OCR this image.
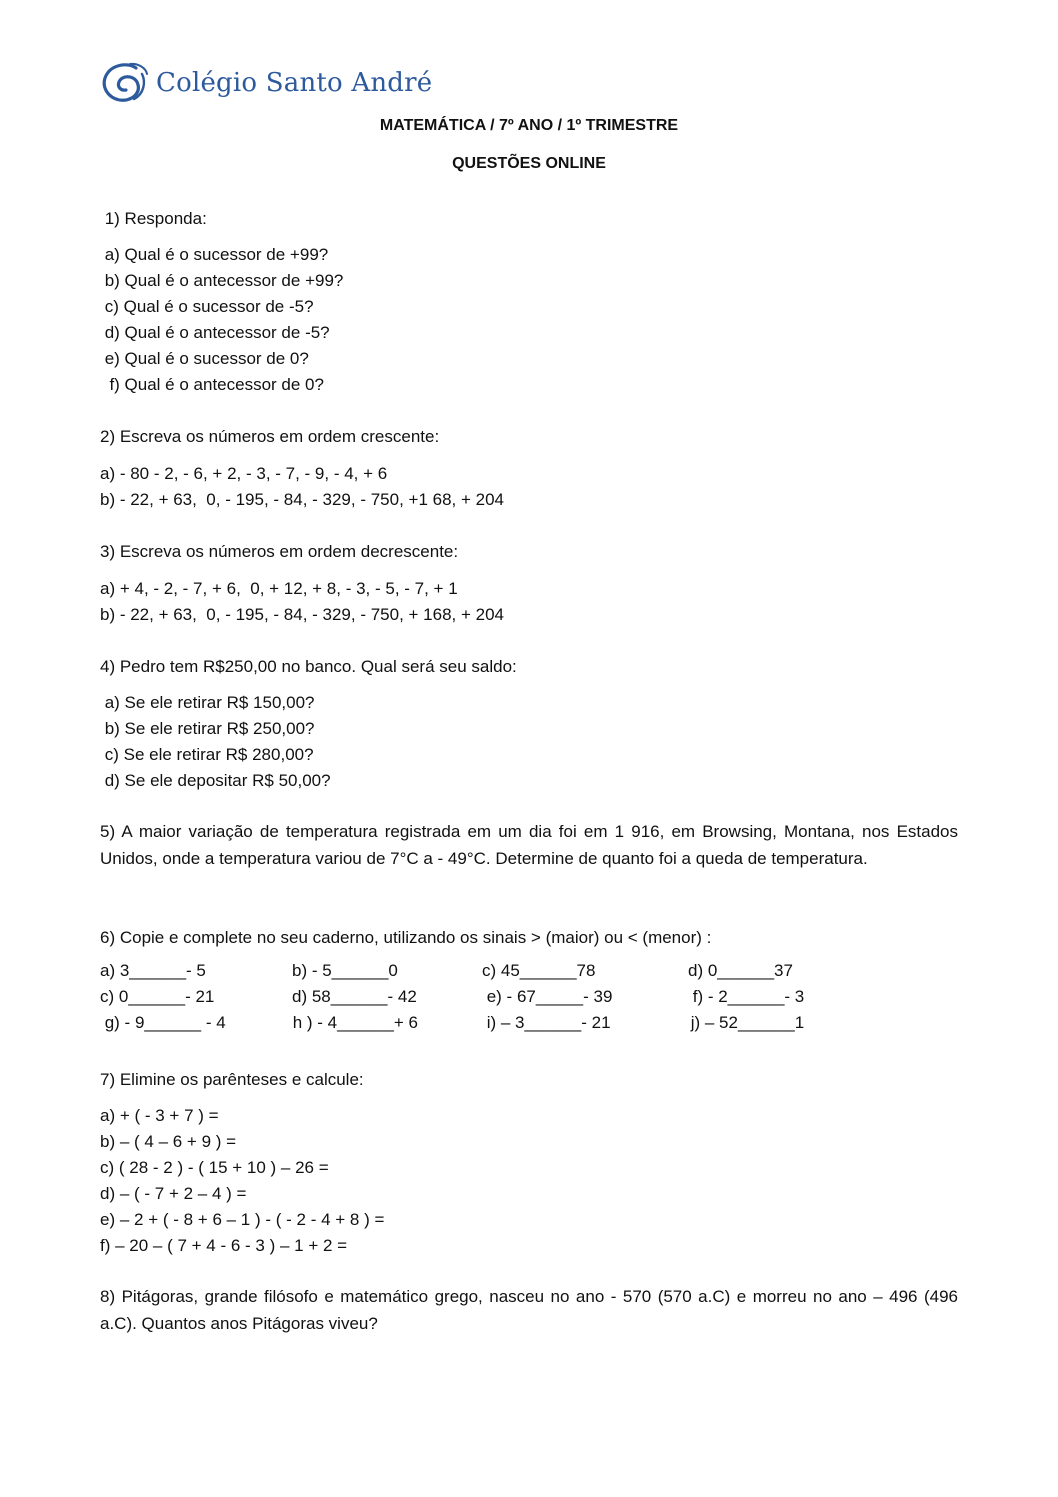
Colégio Santo André
MATEMÁTICA / 7º ANO / 1º TRIMESTRE
QUESTÕES ONLINE
1) Responda:
a) Qual é o sucessor de +99?
b) Qual é o antecessor de +99?
c) Qual é o sucessor de -5?
d) Qual é o antecessor de -5?
e) Qual é o sucessor de 0?
f) Qual é o antecessor de 0?
2) Escreva os números em ordem crescente:
a) - 80 - 2, - 6, + 2, - 3, - 7, - 9, - 4, + 6
b) - 22, + 63,  0, - 195, - 84, - 329, - 750, +1 68, + 204
3) Escreva os números em ordem decrescente:
a) + 4, - 2, - 7, + 6,  0, + 12, + 8, - 3, - 5, - 7, + 1
b) - 22, + 63,  0, - 195, - 84, - 329, - 750, + 168, + 204
4) Pedro tem R$250,00 no banco. Qual será seu saldo:
a) Se ele retirar R$ 150,00?
b) Se ele retirar R$ 250,00?
c) Se ele retirar R$ 280,00?
d) Se ele depositar R$ 50,00?
5) A maior variação de temperatura registrada em um dia foi em 1 916, em Browsing, Montana, nos Estados Unidos, onde a temperatura variou de 7°C a - 49°C. Determine de quanto foi a queda de temperatura.
6) Copie e complete no seu caderno, utilizando os sinais > (maior) ou < (menor) :
a) 3______- 5	b) - 5______0	c) 45______78	d) 0______37
c) 0______- 21	d) 58______- 42	e) - 67_____- 39	f) - 2______- 3
g) - 9______ - 4	h ) - 4______+ 6	i) – 3______- 21	j) – 52______1
7) Elimine os parênteses e calcule:
a) + ( - 3 + 7 ) =
b) – ( 4 – 6 + 9 ) =
c) ( 28 - 2 ) - ( 15 + 10 ) – 26 =
d) – ( - 7 + 2 – 4 ) =
e) – 2 + ( - 8 + 6 – 1 ) - ( - 2 - 4 + 8 ) =
f) – 20 – ( 7 + 4 - 6 - 3 ) – 1 + 2 =
8) Pitágoras, grande filósofo e matemático grego, nasceu no ano - 570 (570 a.C) e morreu no ano – 496 (496 a.C). Quantos anos Pitágoras viveu?
